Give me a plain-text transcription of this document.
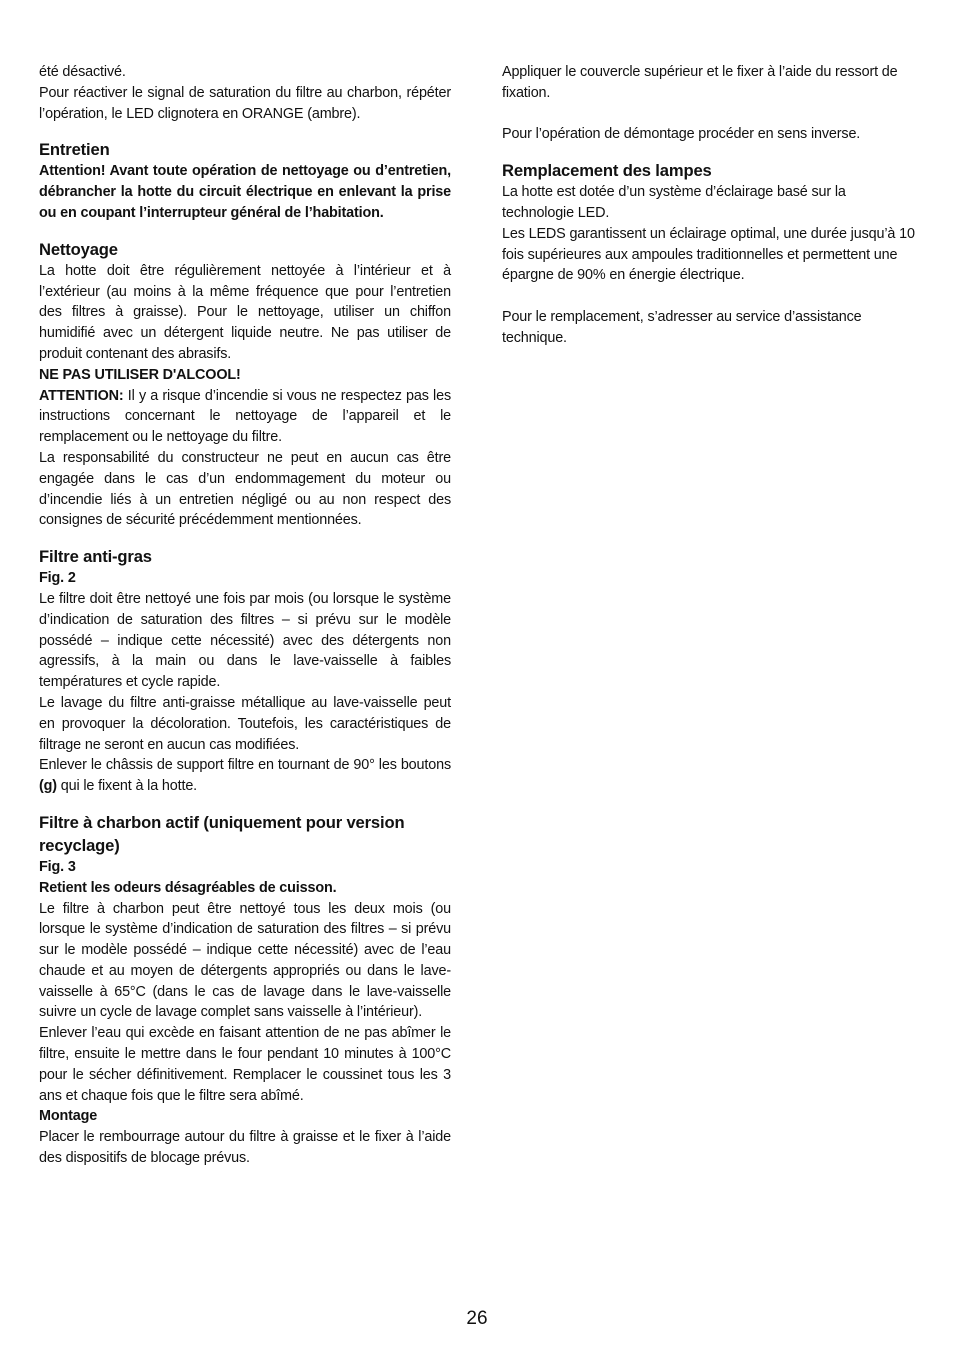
été désactivé.

Pour réactiver le signal de saturation du filtre au charbon, répéter l’opération, le LED clignotera en ORANGE (ambre).

Entretien

Attention! Avant toute opération de nettoyage ou d’entretien, débrancher la hotte du circuit électrique en enlevant la prise ou en coupant l’interrupteur général de l’habitation.

Nettoyage

La hotte doit être régulièrement nettoyée à l’intérieur et à l’extérieur (au moins à la même fréquence que pour l’entretien des filtres à graisse). Pour le nettoyage, utiliser un chiffon humidifié avec un détergent liquide neutre. Ne pas utiliser de produit contenant des abrasifs.

NE PAS UTILISER D'ALCOOL!

ATTENTION: Il y a risque d’incendie si vous ne respectez pas les instructions concernant le nettoyage de l’appareil et le remplacement ou le nettoyage du filtre.

La responsabilité du constructeur ne peut en aucun cas être engagée dans le cas d’un endommagement du moteur ou d’incendie liés à un entretien négligé ou au non respect des consignes de sécurité précédemment mentionnées.

Filtre anti-gras

Fig. 2

Le filtre doit être nettoyé une fois par mois (ou lorsque le système d’indication de saturation des filtres – si prévu sur le modèle possédé – indique cette nécessité) avec des détergents non agressifs, à la main ou dans le lave-vaisselle à faibles températures et cycle rapide.

Le lavage du filtre anti-graisse métallique au lave-vaisselle peut en provoquer la décoloration. Toutefois, les caractéristiques de filtrage ne seront en aucun cas modifiées.

Enlever le châssis de support filtre en tournant de 90° les boutons (g) qui le fixent à la hotte.

Filtre à charbon actif (uniquement pour version recyclage)

Fig. 3

Retient les odeurs désagréables de cuisson.

Le filtre à charbon peut être nettoyé tous les deux mois (ou lorsque le système d’indication de saturation des filtres – si prévu sur le modèle possédé – indique cette nécessité) avec de l’eau chaude et au moyen de détergents appropriés ou dans le lave-vaisselle à 65°C (dans le cas de lavage dans le lave-vaisselle suivre un cycle de lavage complet sans vaisselle à l’intérieur).

Enlever l’eau qui excède en faisant attention de ne pas abîmer le filtre, ensuite le mettre dans le four pendant 10 minutes à 100°C pour le sécher définitivement. Remplacer le coussinet tous les 3 ans et chaque fois que le filtre sera abîmé.

Montage

Placer le rembourrage autour du filtre à graisse et le fixer à l’aide des dispositifs de blocage prévus.

Appliquer le couvercle supérieur et le fixer à l’aide du ressort de fixation.

Pour l’opération de démontage procéder en sens inverse.

Remplacement des lampes

La hotte est dotée d’un système d’éclairage basé sur la technologie LED.

Les LEDS garantissent un éclairage optimal, une durée jusqu’à 10 fois supérieures aux ampoules traditionnelles et permettent une épargne de 90% en énergie électrique.

Pour le remplacement, s’adresser au service d’assistance technique.

26
